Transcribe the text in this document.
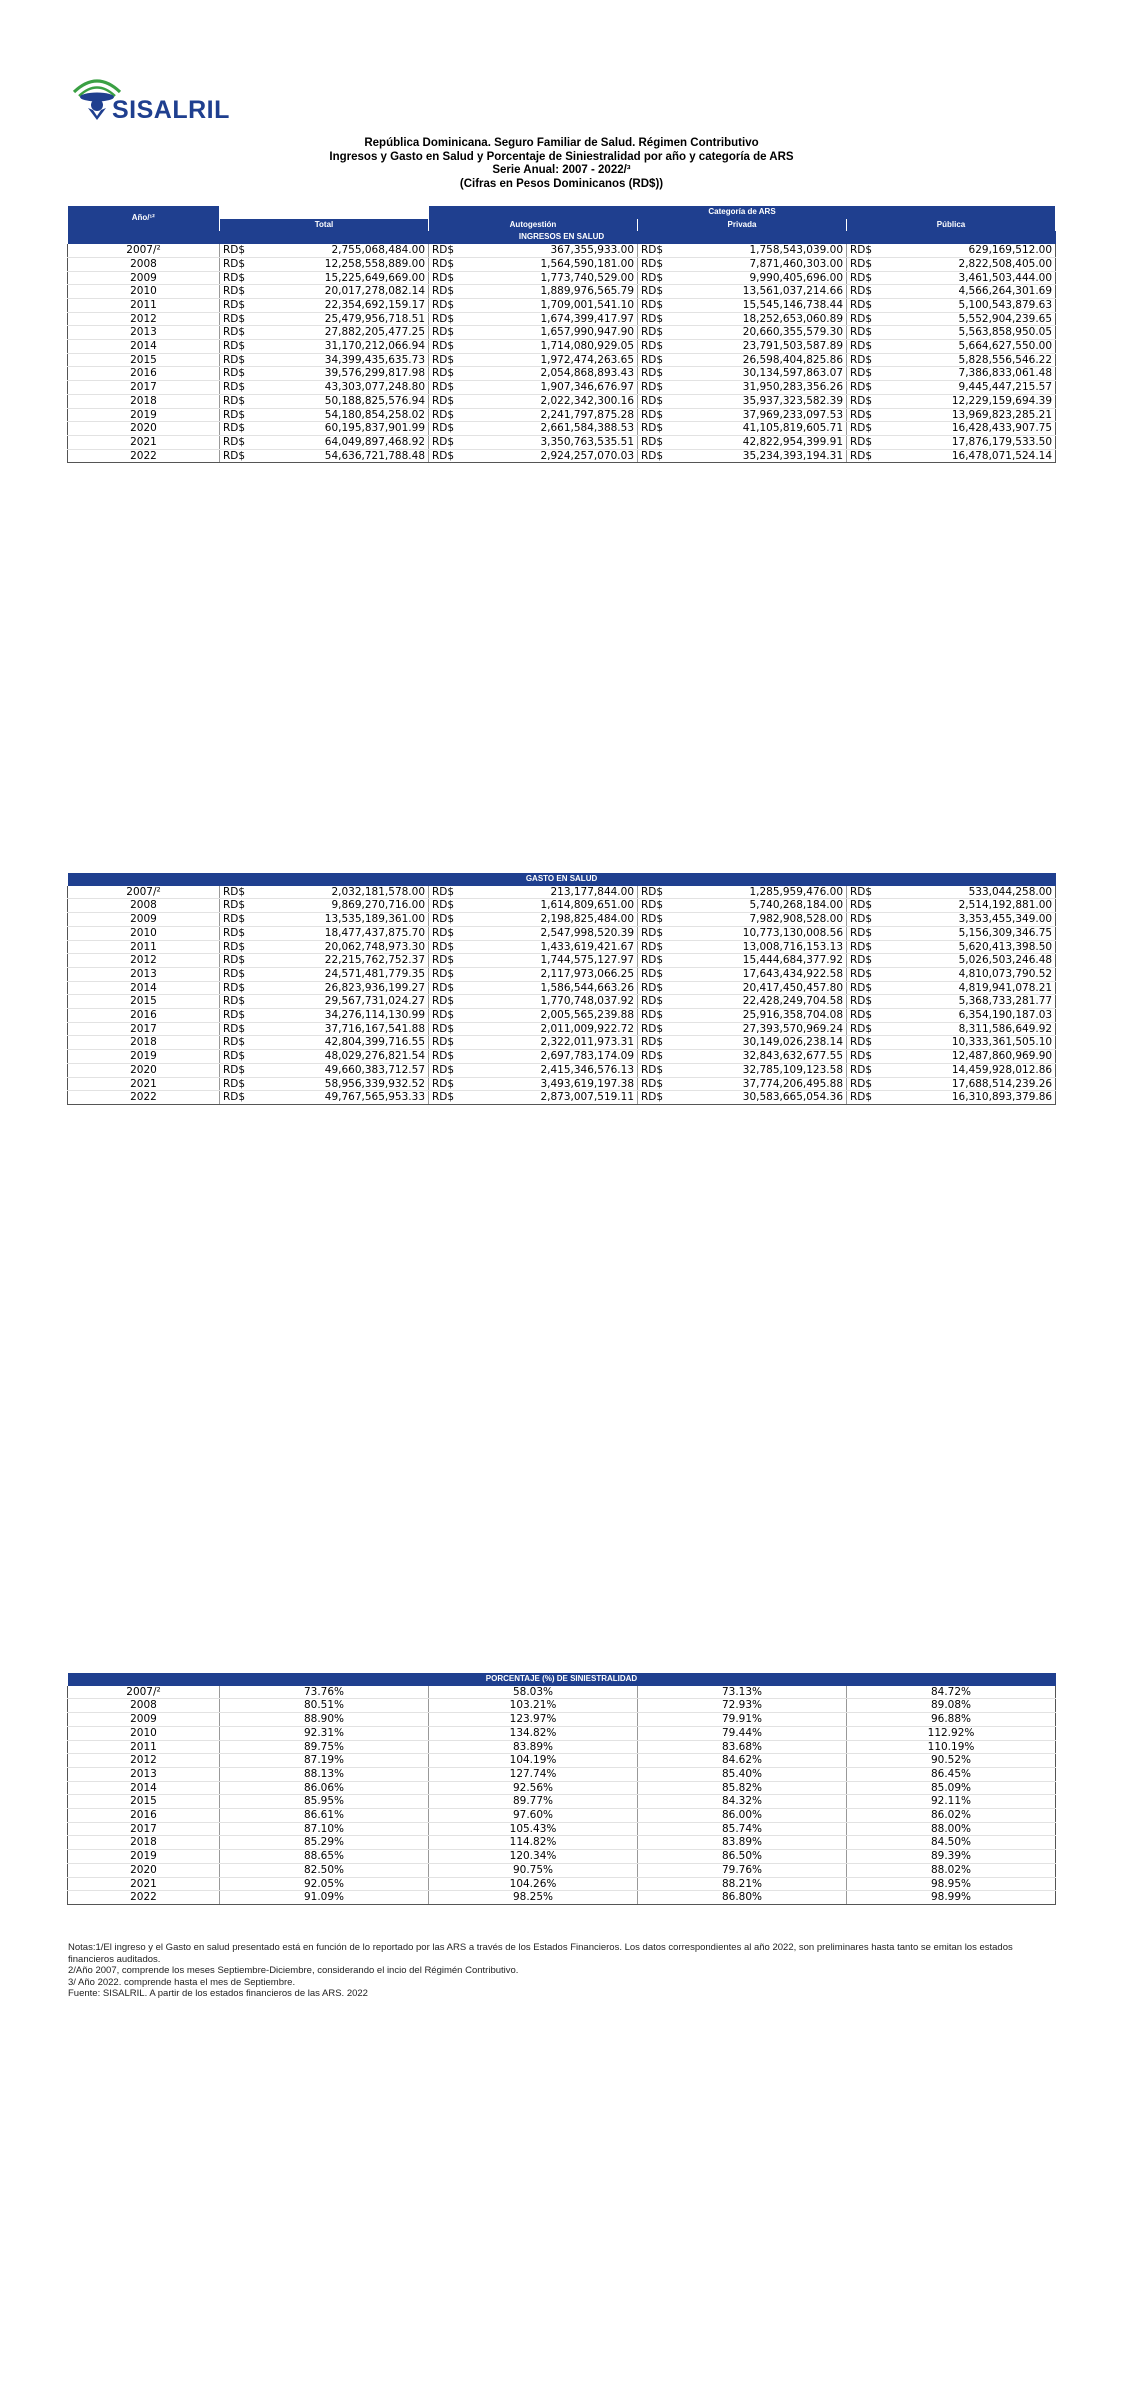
SISALRIL
República Dominicana. Seguro Familiar de Salud. Régimen Contributivo
Ingresos y Gasto en Salud y Porcentaje de Siniestralidad por año y categoría de ARS
Serie Anual: 2007 - 2022/³
(Cifras en Pesos Dominicanos (RD$))
Año/¹²			Categoría de ARS					
	Total		Autogestión		Privada		Pública	
INGRESOS EN SALUD								
2007/²	RD$	2,755,068,484.00	RD$	367,355,933.00	RD$	1,758,543,039.00	RD$	629,169,512.00
2008	RD$	12,258,558,889.00	RD$	1,564,590,181.00	RD$	7,871,460,303.00	RD$	2,822,508,405.00
2009	RD$	15,225,649,669.00	RD$	1,773,740,529.00	RD$	9,990,405,696.00	RD$	3,461,503,444.00
2010	RD$	20,017,278,082.14	RD$	1,889,976,565.79	RD$	13,561,037,214.66	RD$	4,566,264,301.69
2011	RD$	22,354,692,159.17	RD$	1,709,001,541.10	RD$	15,545,146,738.44	RD$	5,100,543,879.63
2012	RD$	25,479,956,718.51	RD$	1,674,399,417.97	RD$	18,252,653,060.89	RD$	5,552,904,239.65
2013	RD$	27,882,205,477.25	RD$	1,657,990,947.90	RD$	20,660,355,579.30	RD$	5,563,858,950.05
2014	RD$	31,170,212,066.94	RD$	1,714,080,929.05	RD$	23,791,503,587.89	RD$	5,664,627,550.00
2015	RD$	34,399,435,635.73	RD$	1,972,474,263.65	RD$	26,598,404,825.86	RD$	5,828,556,546.22
2016	RD$	39,576,299,817.98	RD$	2,054,868,893.43	RD$	30,134,597,863.07	RD$	7,386,833,061.48
2017	RD$	43,303,077,248.80	RD$	1,907,346,676.97	RD$	31,950,283,356.26	RD$	9,445,447,215.57
2018	RD$	50,188,825,576.94	RD$	2,022,342,300.16	RD$	35,937,323,582.39	RD$	12,229,159,694.39
2019	RD$	54,180,854,258.02	RD$	2,241,797,875.28	RD$	37,969,233,097.53	RD$	13,969,823,285.21
2020	RD$	60,195,837,901.99	RD$	2,661,584,388.53	RD$	41,105,819,605.71	RD$	16,428,433,907.75
2021	RD$	64,049,897,468.92	RD$	3,350,763,535.51	RD$	42,822,954,399.91	RD$	17,876,179,533.50
2022	RD$	54,636,721,788.48	RD$	2,924,257,070.03	RD$	35,234,393,194.31	RD$	16,478,071,524.14
GASTO EN SALUD								
2007/²	RD$	2,032,181,578.00	RD$	213,177,844.00	RD$	1,285,959,476.00	RD$	533,044,258.00
2008	RD$	9,869,270,716.00	RD$	1,614,809,651.00	RD$	5,740,268,184.00	RD$	2,514,192,881.00
2009	RD$	13,535,189,361.00	RD$	2,198,825,484.00	RD$	7,982,908,528.00	RD$	3,353,455,349.00
2010	RD$	18,477,437,875.70	RD$	2,547,998,520.39	RD$	10,773,130,008.56	RD$	5,156,309,346.75
2011	RD$	20,062,748,973.30	RD$	1,433,619,421.67	RD$	13,008,716,153.13	RD$	5,620,413,398.50
2012	RD$	22,215,762,752.37	RD$	1,744,575,127.97	RD$	15,444,684,377.92	RD$	5,026,503,246.48
2013	RD$	24,571,481,779.35	RD$	2,117,973,066.25	RD$	17,643,434,922.58	RD$	4,810,073,790.52
2014	RD$	26,823,936,199.27	RD$	1,586,544,663.26	RD$	20,417,450,457.80	RD$	4,819,941,078.21
2015	RD$	29,567,731,024.27	RD$	1,770,748,037.92	RD$	22,428,249,704.58	RD$	5,368,733,281.77
2016	RD$	34,276,114,130.99	RD$	2,005,565,239.88	RD$	25,916,358,704.08	RD$	6,354,190,187.03
2017	RD$	37,716,167,541.88	RD$	2,011,009,922.72	RD$	27,393,570,969.24	RD$	8,311,586,649.92
2018	RD$	42,804,399,716.55	RD$	2,322,011,973.31	RD$	30,149,026,238.14	RD$	10,333,361,505.10
2019	RD$	48,029,276,821.54	RD$	2,697,783,174.09	RD$	32,843,632,677.55	RD$	12,487,860,969.90
2020	RD$	49,660,383,712.57	RD$	2,415,346,576.13	RD$	32,785,109,123.58	RD$	14,459,928,012.86
2021	RD$	58,956,339,932.52	RD$	3,493,619,197.38	RD$	37,774,206,495.88	RD$	17,688,514,239.26
2022	RD$	49,767,565,953.33	RD$	2,873,007,519.11	RD$	30,583,665,054.36	RD$	16,310,893,379.86
PORCENTAJE (%) DE SINIESTRALIDAD				
2007/²	73.76%	58.03%	73.13%	84.72%
2008	80.51%	103.21%	72.93%	89.08%
2009	88.90%	123.97%	79.91%	96.88%
2010	92.31%	134.82%	79.44%	112.92%
2011	89.75%	83.89%	83.68%	110.19%
2012	87.19%	104.19%	84.62%	90.52%
2013	88.13%	127.74%	85.40%	86.45%
2014	86.06%	92.56%	85.82%	85.09%
2015	85.95%	89.77%	84.32%	92.11%
2016	86.61%	97.60%	86.00%	86.02%
2017	87.10%	105.43%	85.74%	88.00%
2018	85.29%	114.82%	83.89%	84.50%
2019	88.65%	120.34%	86.50%	89.39%
2020	82.50%	90.75%	79.76%	88.02%
2021	92.05%	104.26%	88.21%	98.95%
2022	91.09%	98.25%	86.80%	98.99%

Notas:1/El ingreso y el Gasto en salud presentado está en función de lo reportado por las ARS a través de los Estados Financieros. Los datos correspondientes al año 2022, son preliminares hasta tanto se emitan los estados financieros auditados.

2/Año 2007, comprende los meses Septiembre-Diciembre, considerando el incio del Régimén Contributivo.

3/ Año 2022. comprende hasta el mes de Septiembre.

Fuente: SISALRIL. A partir de los estados financieros de las ARS. 2022
